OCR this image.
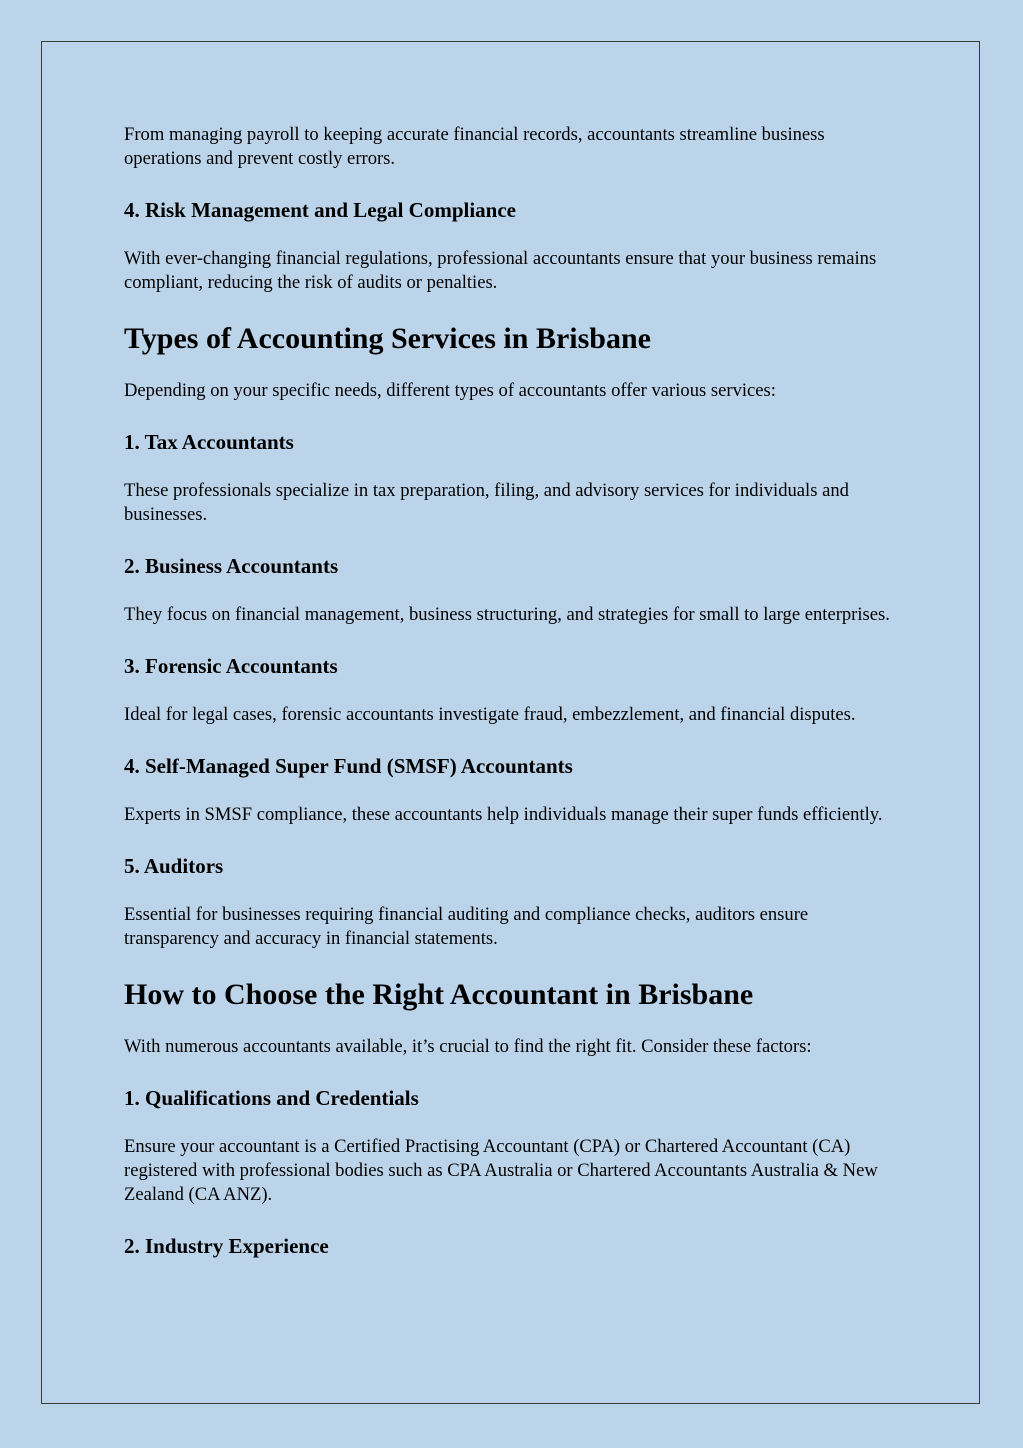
From managing payroll to keeping accurate financial records, accountants streamline business operations and prevent costly errors.

4. Risk Management and Legal Compliance

With ever-changing financial regulations, professional accountants ensure that your business remains compliant, reducing the risk of audits or penalties.

Types of Accounting Services in Brisbane

Depending on your specific needs, different types of accountants offer various services:

1. Tax Accountants

These professionals specialize in tax preparation, filing, and advisory services for individuals and businesses.

2. Business Accountants

They focus on financial management, business structuring, and strategies for small to large enterprises.

3. Forensic Accountants

Ideal for legal cases, forensic accountants investigate fraud, embezzlement, and financial disputes.

4. Self-Managed Super Fund (SMSF) Accountants

Experts in SMSF compliance, these accountants help individuals manage their super funds efficiently.

5. Auditors

Essential for businesses requiring financial auditing and compliance checks, auditors ensure transparency and accuracy in financial statements.

How to Choose the Right Accountant in Brisbane

With numerous accountants available, it’s crucial to find the right fit. Consider these factors:

1. Qualifications and Credentials

Ensure your accountant is a Certified Practising Accountant (CPA) or Chartered Accountant (CA) registered with professional bodies such as CPA Australia or Chartered Accountants Australia & New Zealand (CA ANZ).

2. Industry Experience
